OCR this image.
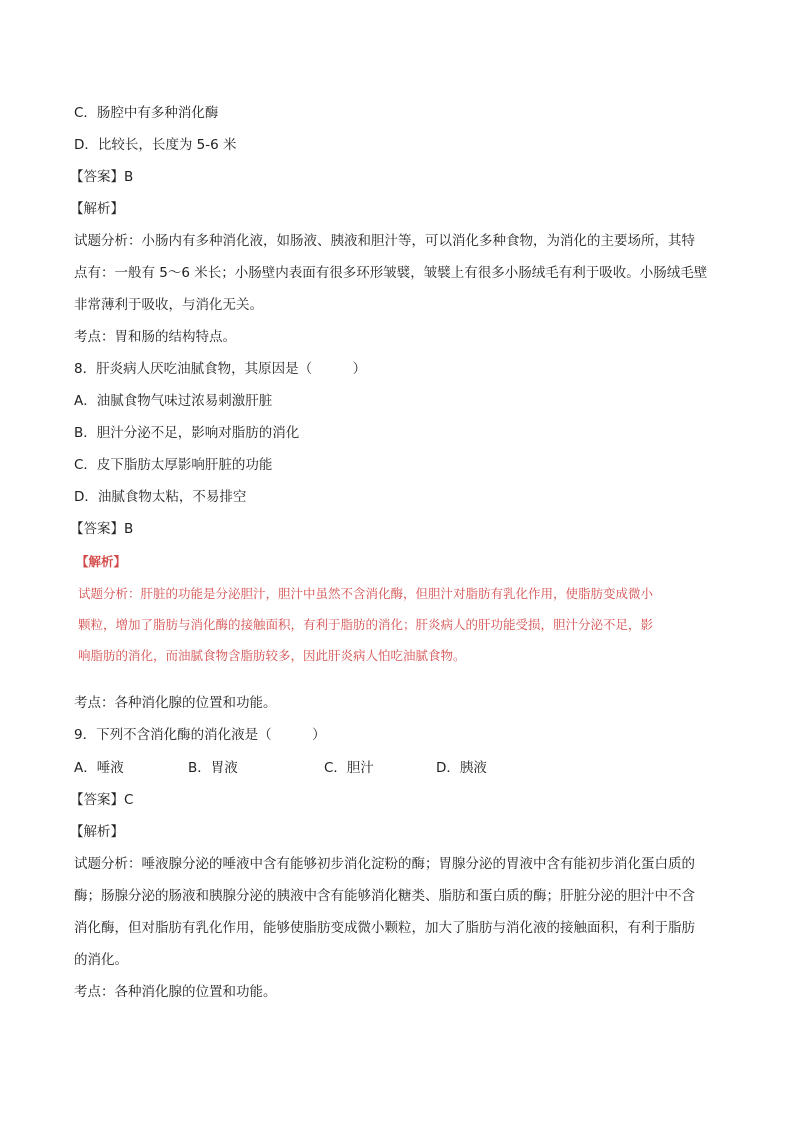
C．肠腔中有多种消化酶
D．比较长，长度为 5-6 米
【答案】B
【解析】
试题分析：小肠内有多种消化液，如肠液、胰液和胆汁等，可以消化多种食物，为消化的主要场所，其特
点有：一般有 5～6 米长；小肠壁内表面有很多环形皱襞，皱襞上有很多小肠绒毛有利于吸收。小肠绒毛壁
非常薄利于吸收，与消化无关。
考点：胃和肠的结构特点。
8．肝炎病人厌吃油腻食物，其原因是（　　　）
A．油腻食物气味过浓易刺激肝脏
B．胆汁分泌不足，影响对脂肪的消化
C．皮下脂肪太厚影响肝脏的功能
D．油腻食物太粘，不易排空
【答案】B
【解析】
试题分析：肝脏的功能是分泌胆汁，胆汁中虽然不含消化酶，但胆汁对脂肪有乳化作用，使脂肪变成微小
颗粒，增加了脂肪与消化酶的接触面积，有利于脂肪的消化；肝炎病人的肝功能受损，胆汁分泌不足，影
响脂肪的消化，而油腻食物含脂肪较多，因此肝炎病人怕吃油腻食物。
考点：各种消化腺的位置和功能。
9．下列不含消化酶的消化液是（　　　）
A．唾液	B．胃液	C．胆汁	D．胰液
【答案】C
【解析】
试题分析：唾液腺分泌的唾液中含有能够初步消化淀粉的酶；胃腺分泌的胃液中含有能初步消化蛋白质的
酶；肠腺分泌的肠液和胰腺分泌的胰液中含有能够消化糖类、脂肪和蛋白质的酶；肝脏分泌的胆汁中不含
消化酶，但对脂肪有乳化作用，能够使脂肪变成微小颗粒，加大了脂肪与消化液的接触面积，有利于脂肪
的消化。
考点：各种消化腺的位置和功能。
